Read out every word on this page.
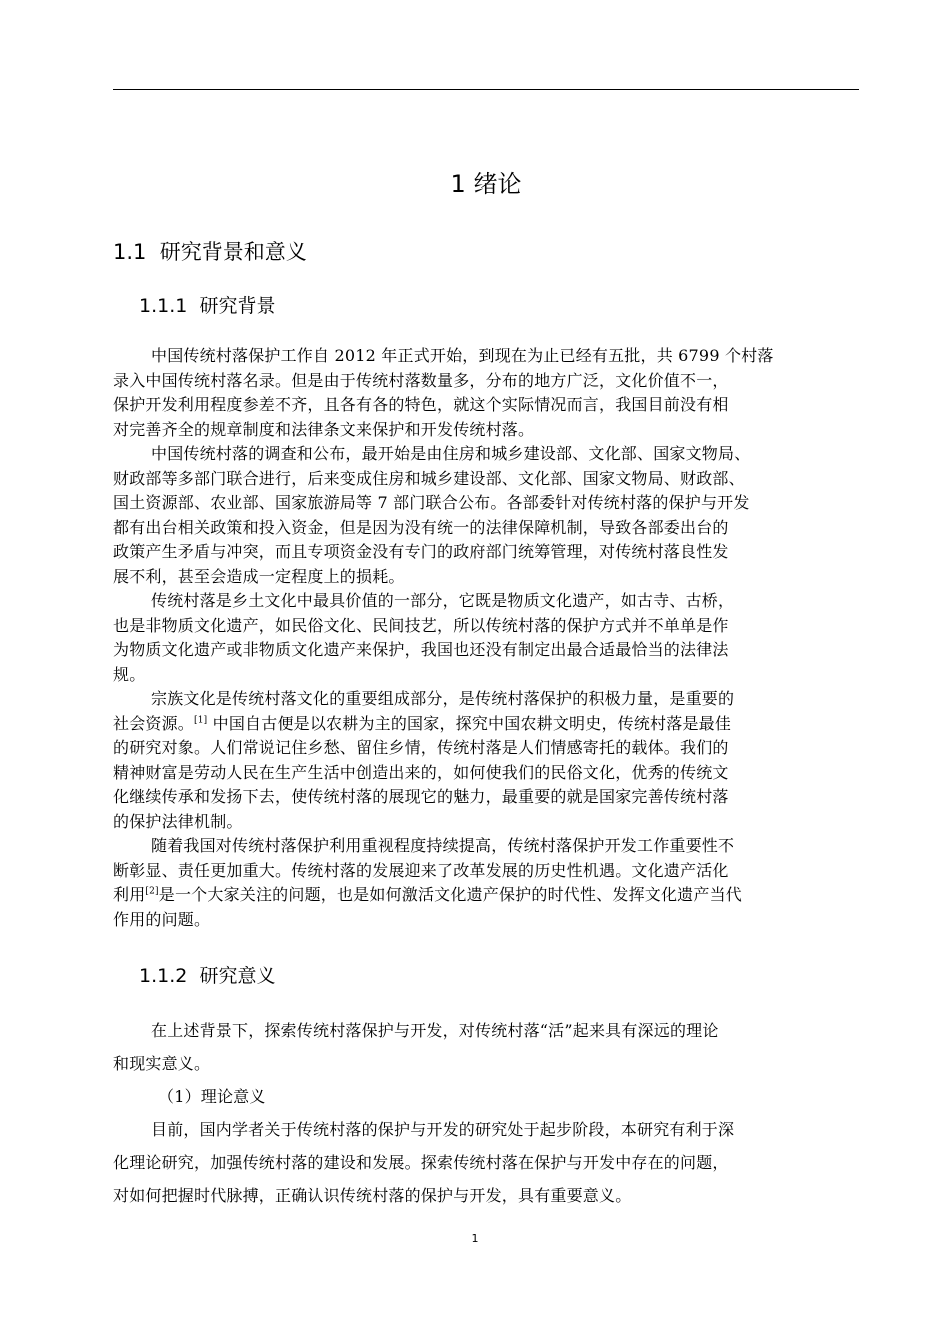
1 绪论
1.1 研究背景和意义
1.1.1 研究背景
中国传统村落保护工作自 2012 年正式开始，到现在为止已经有五批，共 6799 个村落
录入中国传统村落名录。但是由于传统村落数量多，分布的地方广泛，文化价值不一，
保护开发利用程度参差不齐，且各有各的特色，就这个实际情况而言，我国目前没有相
对完善齐全的规章制度和法律条文来保护和开发传统村落。
中国传统村落的调查和公布，最开始是由住房和城乡建设部、文化部、国家文物局、
财政部等多部门联合进行，后来变成住房和城乡建设部、文化部、国家文物局、财政部、
国土资源部、农业部、国家旅游局等 7 部门联合公布。各部委针对传统村落的保护与开发
都有出台相关政策和投入资金，但是因为没有统一的法律保障机制，导致各部委出台的
政策产生矛盾与冲突，而且专项资金没有专门的政府部门统筹管理，对传统村落良性发
展不利，甚至会造成一定程度上的损耗。
传统村落是乡土文化中最具价值的一部分，它既是物质文化遗产，如古寺、古桥，
也是非物质文化遗产，如民俗文化、民间技艺，所以传统村落的保护方式并不单单是作
为物质文化遗产或非物质文化遗产来保护，我国也还没有制定出最合适最恰当的法律法
规。
宗族文化是传统村落文化的重要组成部分，是传统村落保护的积极力量，是重要的
社会资源。[1] 中国自古便是以农耕为主的国家，探究中国农耕文明史，传统村落是最佳
的研究对象。人们常说记住乡愁、留住乡情，传统村落是人们情感寄托的载体。我们的
精神财富是劳动人民在生产生活中创造出来的，如何使我们的民俗文化，优秀的传统文
化继续传承和发扬下去，使传统村落的展现它的魅力，最重要的就是国家完善传统村落
的保护法律机制。
随着我国对传统村落保护利用重视程度持续提高，传统村落保护开发工作重要性不
断彰显、责任更加重大。传统村落的发展迎来了改革发展的历史性机遇。文化遗产活化
利用[2]是一个大家关注的问题，也是如何激活文化遗产保护的时代性、发挥文化遗产当代
作用的问题。
1.1.2 研究意义
在上述背景下，探索传统村落保护与开发，对传统村落“活”起来具有深远的理论
和现实意义。
（1）理论意义
目前，国内学者关于传统村落的保护与开发的研究处于起步阶段，本研究有利于深
化理论研究，加强传统村落的建设和发展。探索传统村落在保护与开发中存在的问题，
对如何把握时代脉搏，正确认识传统村落的保护与开发，具有重要意义。
1
